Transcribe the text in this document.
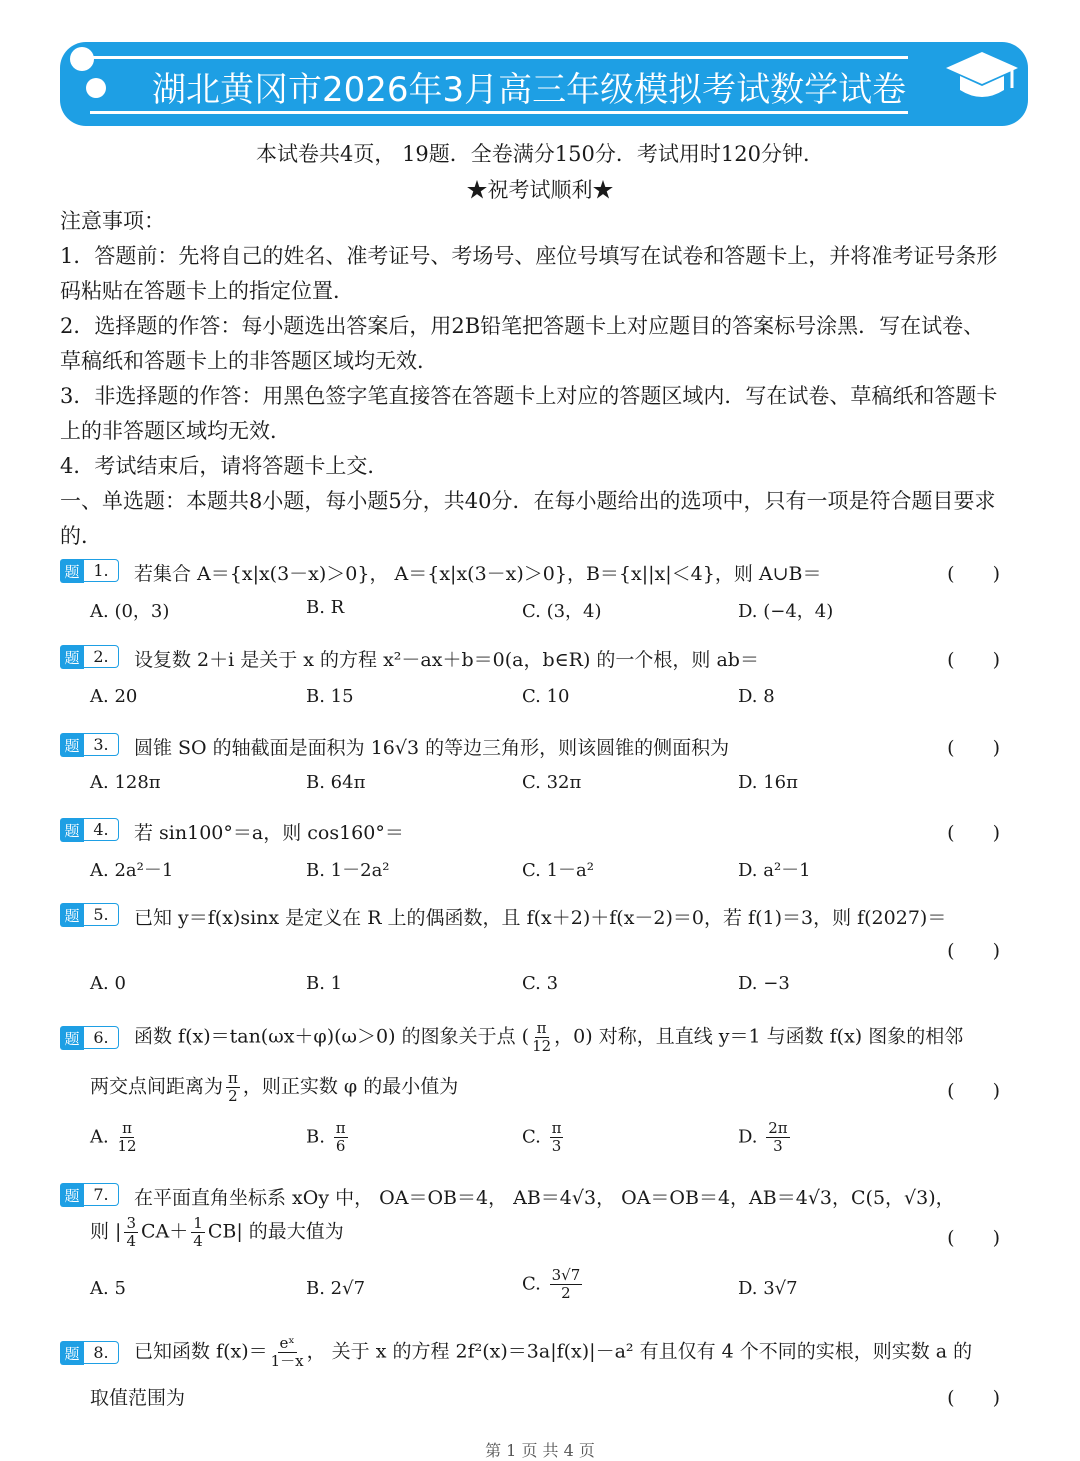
湖北黄冈市2026年3月高三年级模拟考试数学试卷
本试卷共4页， 19题．全卷满分150分．考试用时120分钟．
★祝考试顺利★
注意事项：
1．答题前：先将自己的姓名、准考证号、考场号、座位号填写在试卷和答题卡上，并将准考证号条形码粘贴在答题卡上的指定位置．
2．选择题的作答：每小题选出答案后，用2B铅笔把答题卡上对应题目的答案标号涂黑．写在试卷、草稿纸和答题卡上的非答题区域均无效．
3．非选择题的作答：用黑色签字笔直接答在答题卡上对应的答题区域内．写在试卷、草稿纸和答题卡上的非答题区域均无效．
4．考试结束后，请将答题卡上交．
一、单选题：本题共8小题，每小题5分，共40分．在每小题给出的选项中，只有一项是符合题目要求的．
题 1.	若集合 A＝{x|x(3－x)＞0}， A＝{x|x(3－x)＞0}，B＝{x||x|＜4}，则 A∪B＝	(　　)
A. (0，3)	B. R	C. (3，4)	D. (−4，4)
题 2.	设复数 2＋i 是关于 x 的方程 x²－ax＋b＝0(a，b∈R) 的一个根，则 ab＝	(　　)
A. 20	B. 15	C. 10	D. 8
题 3.	圆锥 SO 的轴截面是面积为 16√3 的等边三角形，则该圆锥的侧面积为	(　　)
A. 128π	B. 64π	C. 32π	D. 16π
题 4.	若 sin100°＝a，则 cos160°＝	(　　)
A. 2a²－1	B. 1－2a²	C. 1－a²	D. a²－1
题 5.	已知 y＝f(x)sinx 是定义在 R 上的偶函数，且 f(x＋2)＋f(x－2)＝0，若 f(1)＝3，则 f(2027)＝
(　　)
A. 0	B. 1	C. 3	D. −3
题 6.	函数 f(x)＝tan(ωx＋φ)(ω＞0) 的图象关于点 ( $\frac{\pi}{12}$ ，0) 对称，且直线 y＝1 与函数 f(x) 图象的相邻
两交点间距离为 $\frac{\pi}{2}$ ，则正实数 φ 的最小值为	(　　)
A. $\frac{\pi}{12}$	B. $\frac{\pi}{6}$	C. $\frac{\pi}{3}$	D. $\frac{2\pi}{3}$
题 7.	在平面直角坐标系 xOy 中， OA＝OB＝4， AB＝4√3， OA＝OB＝4，AB＝4√3，C(5，√3)，
则 | $\frac{3}{4} CA+ \frac{1}{4} CB|$ 的最大值为	(　　)
A. 5	B. 2√7	C. $\frac{3√7}{2}$	D. 3√7
题 8.	已知函数 $f(x)= \frac{\text{eˣ}}{1-x}$ ， 关于 x 的方程 2f²(x)＝3a|f(x)|－a² 有且仅有 4 个不同的实根，则实数 a 的
取值范围为	(　　)
第 1 页 共 4 页
